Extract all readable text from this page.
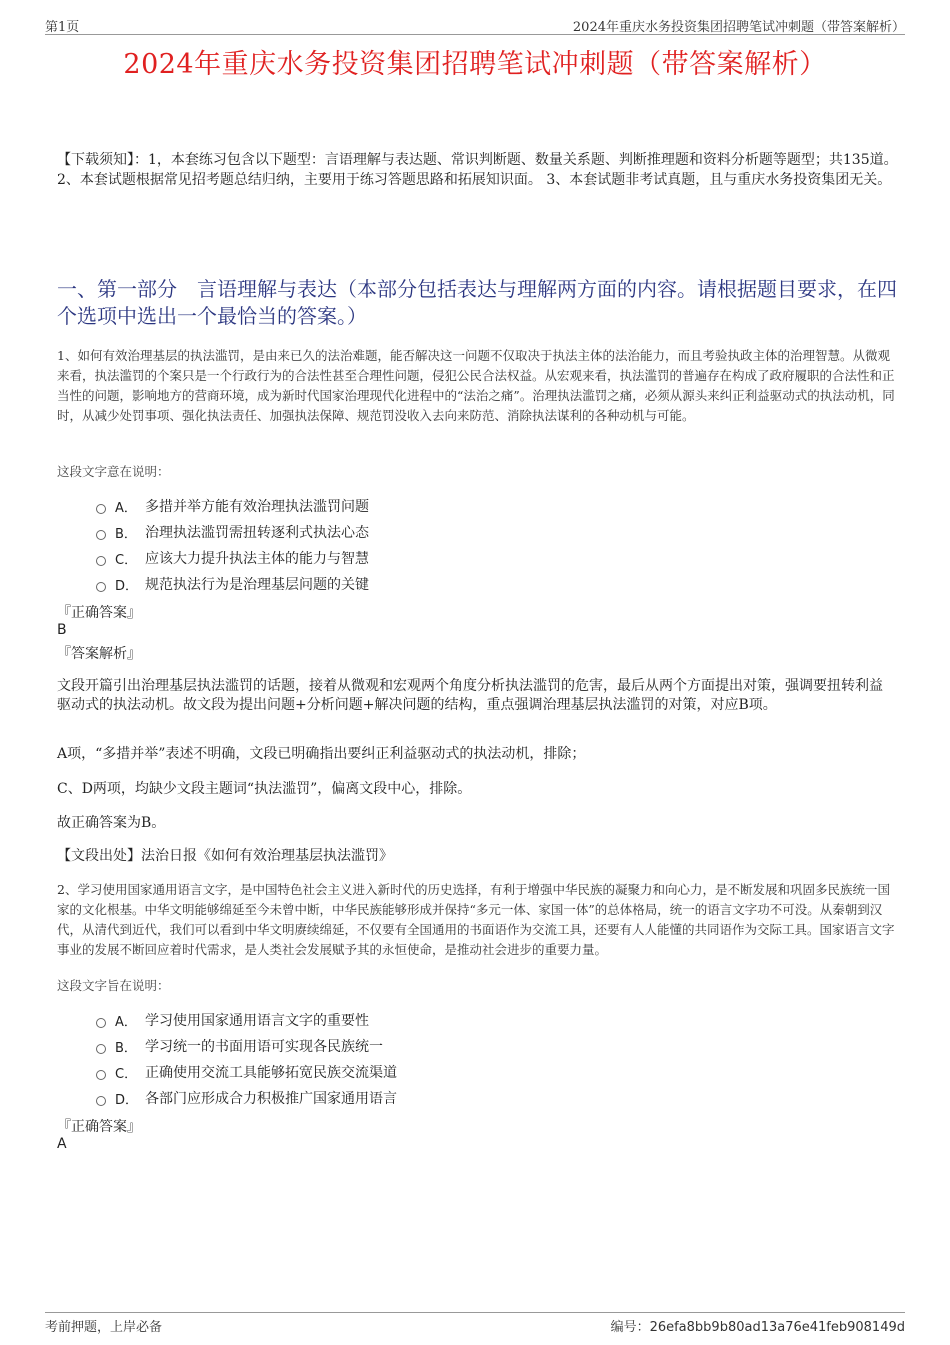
第1页	2024年重庆水务投资集团招聘笔试冲刺题（带答案解析）
2024年重庆水务投资集团招聘笔试冲刺题（带答案解析）
【下载须知】：1，本套练习包含以下题型：言语理解与表达题、常识判断题、数量关系题、判断推理题和资料分析题等题型；共135道。 2、本套试题根据常见招考题总结归纳，主要用于练习答题思路和拓展知识面。 3、本套试题非考试真题，且与重庆水务投资集团无关。
一、第一部分　言语理解与表达（本部分包括表达与理解两方面的内容。请根据题目要求，在四个选项中选出一个最恰当的答案。）
1、如何有效治理基层的执法滥罚，是由来已久的法治难题，能否解决这一问题不仅取决于执法主体的法治能力，而且考验执政主体的治理智慧。从微观来看，执法滥罚的个案只是一个行政行为的合法性甚至合理性问题，侵犯公民合法权益。从宏观来看，执法滥罚的普遍存在构成了政府履职的合法性和正当性的问题，影响地方的营商环境，成为新时代国家治理现代化进程中的“法治之痛”。治理执法滥罚之痛，必须从源头来纠正利益驱动式的执法动机，同时，从减少处罚事项、强化执法责任、加强执法保障、规范罚没收入去向来防范、消除执法谋利的各种动机与可能。
这段文字意在说明：
A． 多措并举方能有效治理执法滥罚问题
B． 治理执法滥罚需扭转逐利式执法心态
C． 应该大力提升执法主体的能力与智慧
D． 规范执法行为是治理基层问题的关键
『正确答案』
B
『答案解析』
文段开篇引出治理基层执法滥罚的话题，接着从微观和宏观两个角度分析执法滥罚的危害，最后从两个方面提出对策，强调要扭转利益驱动式的执法动机。故文段为提出问题+分析问题+解决问题的结构，重点强调治理基层执法滥罚的对策，对应B项。
A项，“多措并举”表述不明确，文段已明确指出要纠正利益驱动式的执法动机，排除；
C、D两项，均缺少文段主题词“执法滥罚”，偏离文段中心，排除。
故正确答案为B。
【文段出处】法治日报《如何有效治理基层执法滥罚》
2、学习使用国家通用语言文字，是中国特色社会主义进入新时代的历史选择，有利于增强中华民族的凝聚力和向心力，是不断发展和巩固多民族统一国家的文化根基。中华文明能够绵延至今未曾中断，中华民族能够形成并保持“多元一体、家国一体”的总体格局，统一的语言文字功不可没。从秦朝到汉代，从清代到近代，我们可以看到中华文明赓续绵延，不仅要有全国通用的书面语作为交流工具，还要有人人能懂的共同语作为交际工具。国家语言文字事业的发展不断回应着时代需求，是人类社会发展赋予其的永恒使命，是推动社会进步的重要力量。
这段文字旨在说明：
A． 学习使用国家通用语言文字的重要性
B． 学习统一的书面用语可实现各民族统一
C． 正确使用交流工具能够拓宽民族交流渠道
D． 各部门应形成合力积极推广国家通用语言
『正确答案』
A
考前押题，上岸必备	编号：26efa8bb9b80ad13a76e41feb908149d
